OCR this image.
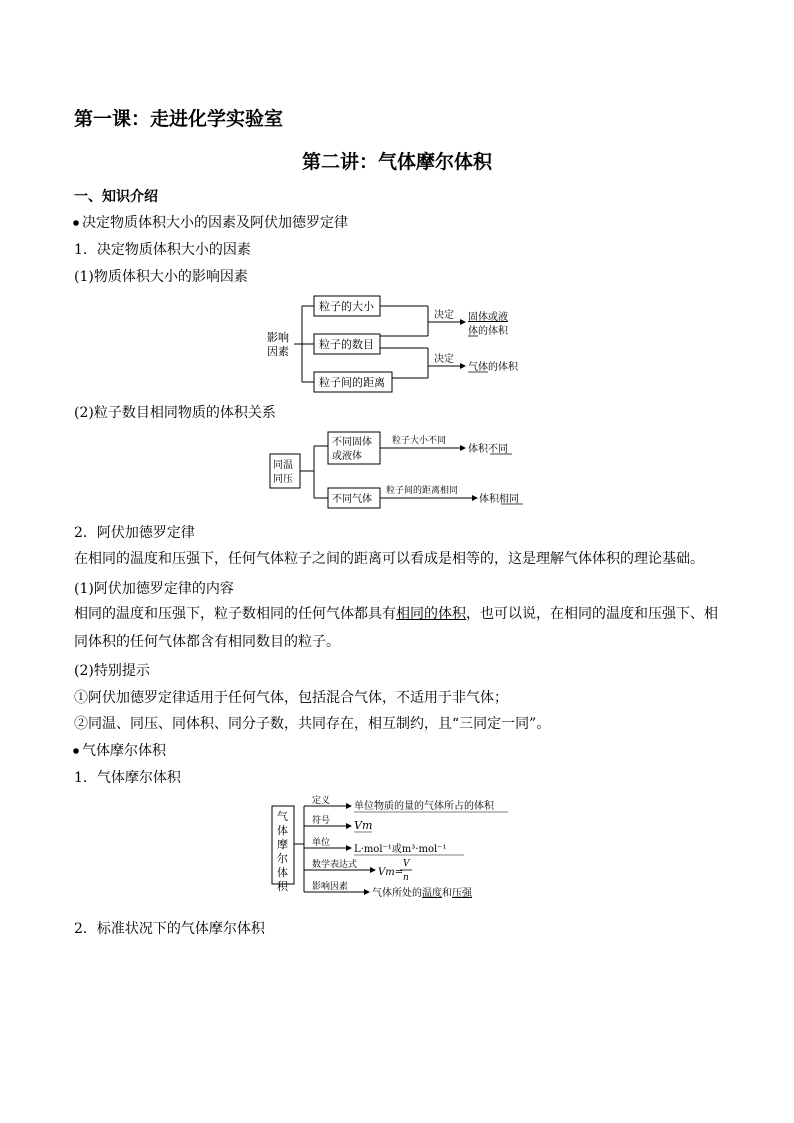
第一课：走进化学实验室
第二讲：气体摩尔体积
一、知识介绍
决定物质体积大小的因素及阿伏加德罗定律
1．决定物质体积大小的因素
(1)物质体积大小的影响因素
影响
因素
粒子的大小
粒子的数目
粒子间的距离
决定 固体或液
体的体积
决定
气体的体积
(2)粒子数目相同物质的体积关系
同温
同压
不同固体
或液体
粒子大小不同
体积不同
不同气体
粒子间的距离相同
体积相同
2．阿伏加德罗定律
在相同的温度和压强下，任何气体粒子之间的距离可以看成是相等的，这是理解气体体积的理论基础。
(1)阿伏加德罗定律的内容
相同的温度和压强下，粒子数相同的任何气体都具有相同的体积，也可以说，在相同的温度和压强下、相同体积的任何气体都含有相同数目的粒子。
(2)特别提示
①阿伏加德罗定律适用于任何气体，包括混合气体，不适用于非气体；
②同温、同压、同体积、同分子数，共同存在，相互制约，且“三同定一同”。
气体摩尔体积
1．气体摩尔体积
气
体
摩
尔
体
积
定义 单位物质的量的气体所占的体积
符号 Vm
单位
L·mol⁻¹或m³·mol⁻¹
数学表达式
Vm=
V
n
影响因素
气体所处的温度和压强
2．标准状况下的气体摩尔体积
